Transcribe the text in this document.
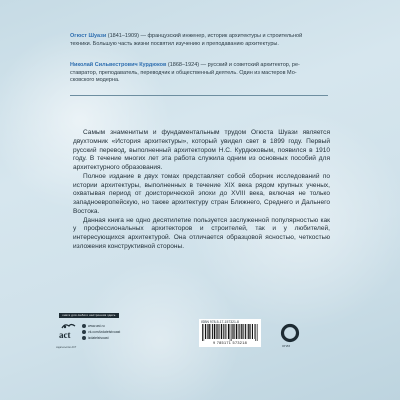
Огюст Шуази (1841–1909) — французский инженер, историк архитектуры и строительной
техники. Большую часть жизни посвятил изучению и преподаванию архитектуры.
Николай Сильвестрович Курдюков (1868–1924) — русский и советский архитектор, ре-
ставратор, преподаватель, переводчик и общественный деятель. Один из мастеров Мо-
сковского модерна.

Самым знаменитым и фундаментальным трудом Огюста Шуази является двухтомник «История архитектуры», который увидел свет в 1899 году. Первый русский перевод, выполненный архитектором Н.С. Курдюковым, появился в 1910 году. В течение многих лет эта работа служила одним из основных пособий для архитектурного образования.

Полное издание в двух томах представляет собой сборник исследований по истории архитектуры, выполненных в течение XIX века рядом крупных ученых, охватывая период от доисторической эпохи до XVIII века, включая не только западноевропейскую, но также архитектуру стран Ближнего, Среднего и Дальнего Востока.

Данная книга не одно десятилетие пользуется заслуженной популярностью как у профессиональных архитекторов и строителей, так и у любителей, интересующихся архитектурой. Она отличается образцовой ясностью, четкостью изложения конструктивной стороны.

книги для любого настроения здесь
act
издательство АСТ
www.ast.ru
vk.com/izdatelstvoast
izdatelstvoast
ISBN 978-5-17-157321-8
9 785171 573218
ОГИЗ
